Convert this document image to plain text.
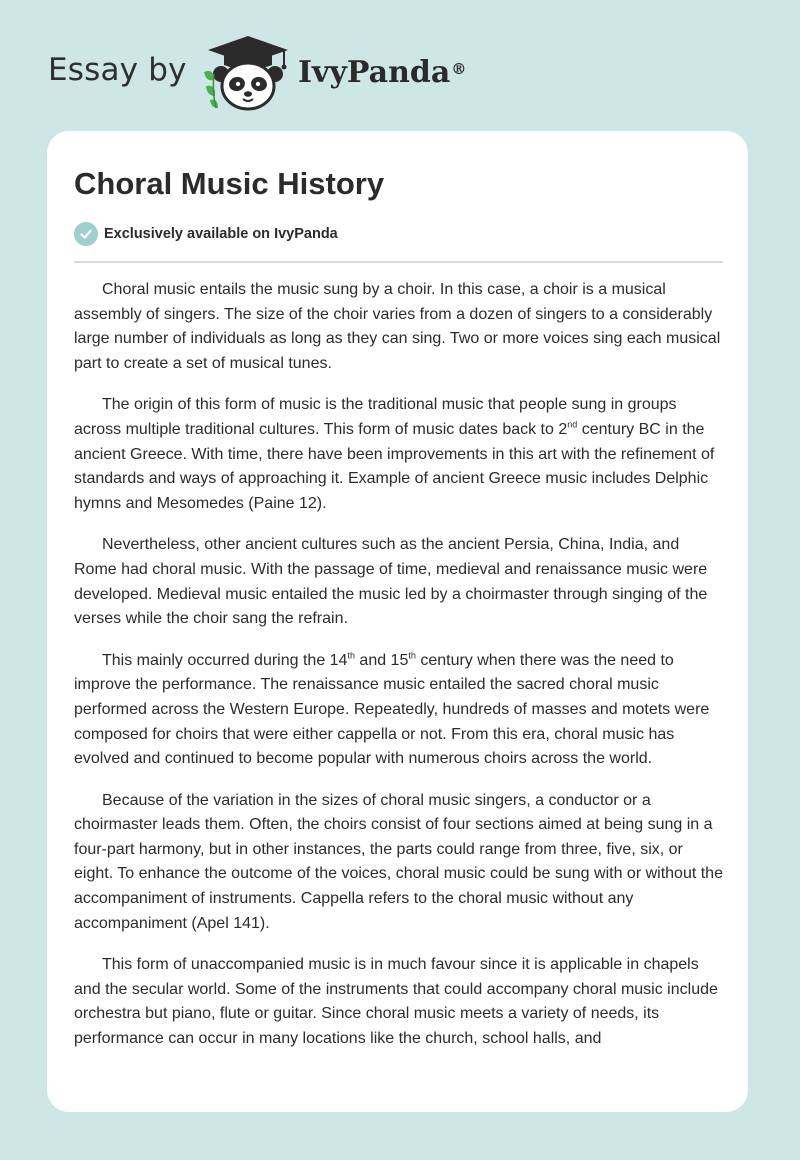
Essay by	IvyPanda®
Choral Music History
Exclusively available on IvyPanda

Choral music entails the music sung by a choir. In this case, a choir is a musical assembly of singers. The size of the choir varies from a dozen of singers to a considerably large number of individuals as long as they can sing. Two or more voices sing each musical part to create a set of musical tunes.

The origin of this form of music is the traditional music that people sung in groups across multiple traditional cultures. This form of music dates back to 2nd century BC in the ancient Greece. With time, there have been improvements in this art with the refinement of standards and ways of approaching it. Example of ancient Greece music includes Delphic hymns and Mesomedes (Paine 12).

Nevertheless, other ancient cultures such as the ancient Persia, China, India, and Rome had choral music. With the passage of time, medieval and renaissance music were developed. Medieval music entailed the music led by a choirmaster through singing of the verses while the choir sang the refrain.

This mainly occurred during the 14th and 15th century when there was the need to improve the performance. The renaissance music entailed the sacred choral music performed across the Western Europe. Repeatedly, hundreds of masses and motets were composed for choirs that were either cappella or not. From this era, choral music has evolved and continued to become popular with numerous choirs across the world.

Because of the variation in the sizes of choral music singers, a conductor or a choirmaster leads them. Often, the choirs consist of four sections aimed at being sung in a four-part harmony, but in other instances, the parts could range from three, five, six, or eight. To enhance the outcome of the voices, choral music could be sung with or without the accompaniment of instruments. Cappella refers to the choral music without any accompaniment (Apel 141).

This form of unaccompanied music is in much favour since it is applicable in chapels and the secular world. Some of the instruments that could accompany choral music include orchestra but piano, flute or guitar. Since choral music meets a variety of needs, its performance can occur in many locations like the church, school halls, and
